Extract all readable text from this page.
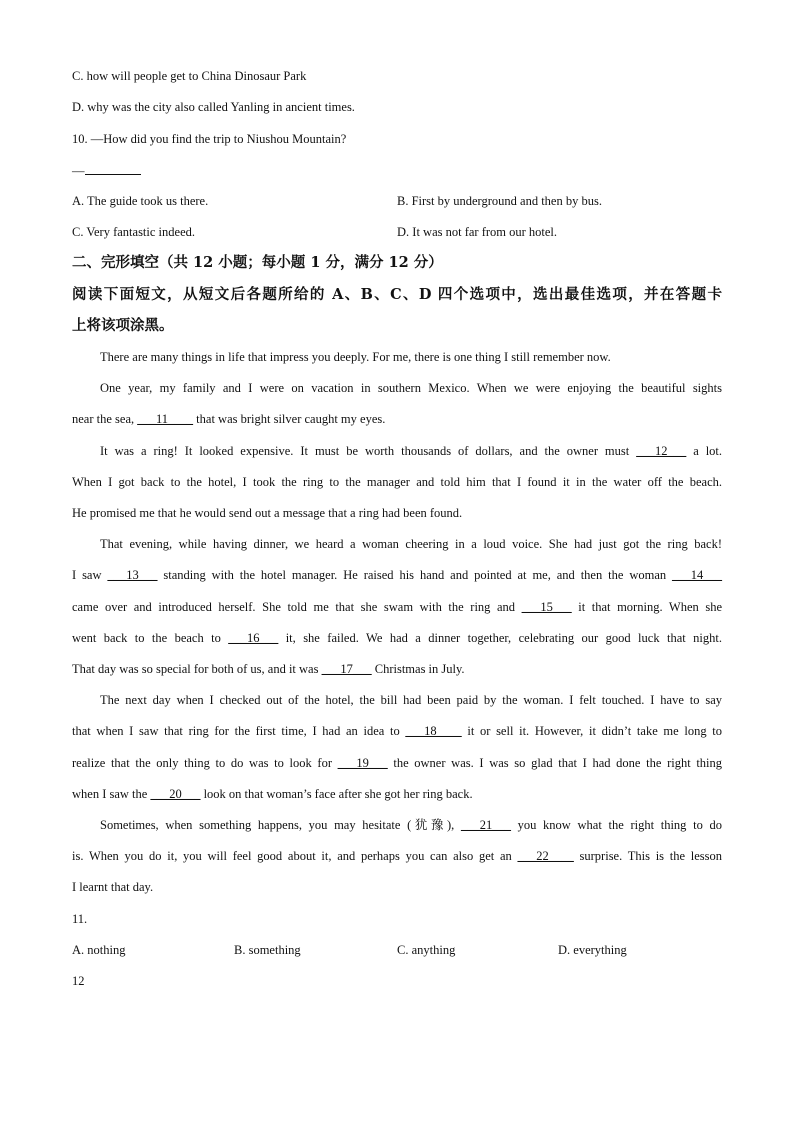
C. how will people get to China Dinosaur Park
D. why was the city also called Yanling in ancient times.
10. —How did you find the trip to Niushou Mountain?
—
A. The guide took us there.	B. First by underground and then by bus.
C. Very fantastic indeed.	D. It was not far from our hotel.
二、完形填空（共 12 小题；每小题 1 分，满分 12 分）
阅读下面短文，从短文后各题所给的 A、B、C、D 四个选项中，选出最佳选项，并在答题卡
上将该项涂黑。
There are many things in life that impress you deeply. For me, there is one thing I still remember now.
One year, my family and I were on vacation in southern Mexico. When we were enjoying the beautiful sights
near the sea, ___11____ that was bright silver caught my eyes.
It was a ring! It looked expensive. It must be worth thousands of dollars, and the owner must ___12___ a lot.
When I got back to the hotel, I took the ring to the manager and told him that I found it in the water off the beach.
He promised me that he would send out a message that a ring had been found.
That evening, while having dinner, we heard a woman cheering in a loud voice. She had just got the ring back!
I saw ___13___ standing with the hotel manager. He raised his hand and pointed at me, and then the woman ___14___
came over and introduced herself. She told me that she swam with the ring and ___15___ it that morning. When she
went back to the beach to ___16___ it, she failed. We had a dinner together, celebrating our good luck that night.
That day was so special for both of us, and it was ___17___ Christmas in July.
The next day when I checked out of the hotel, the bill had been paid by the woman. I felt touched. I have to say
that when I saw that ring for the first time, I had an idea to ___18____ it or sell it. However, it didn’t take me long to
realize that the only thing to do was to look for ___19___ the owner was. I was so glad that I had done the right thing
when I saw the ___20___ look on that woman’s face after she got her ring back.
Sometimes, when something happens, you may hesitate (犹豫), ___21___ you know what the right thing to do
is. When you do it, you will feel good about it, and perhaps you can also get an ___22____ surprise. This is the lesson
I learnt that day.
11.
A. nothing	B. something	C. anything	D. everything
12
